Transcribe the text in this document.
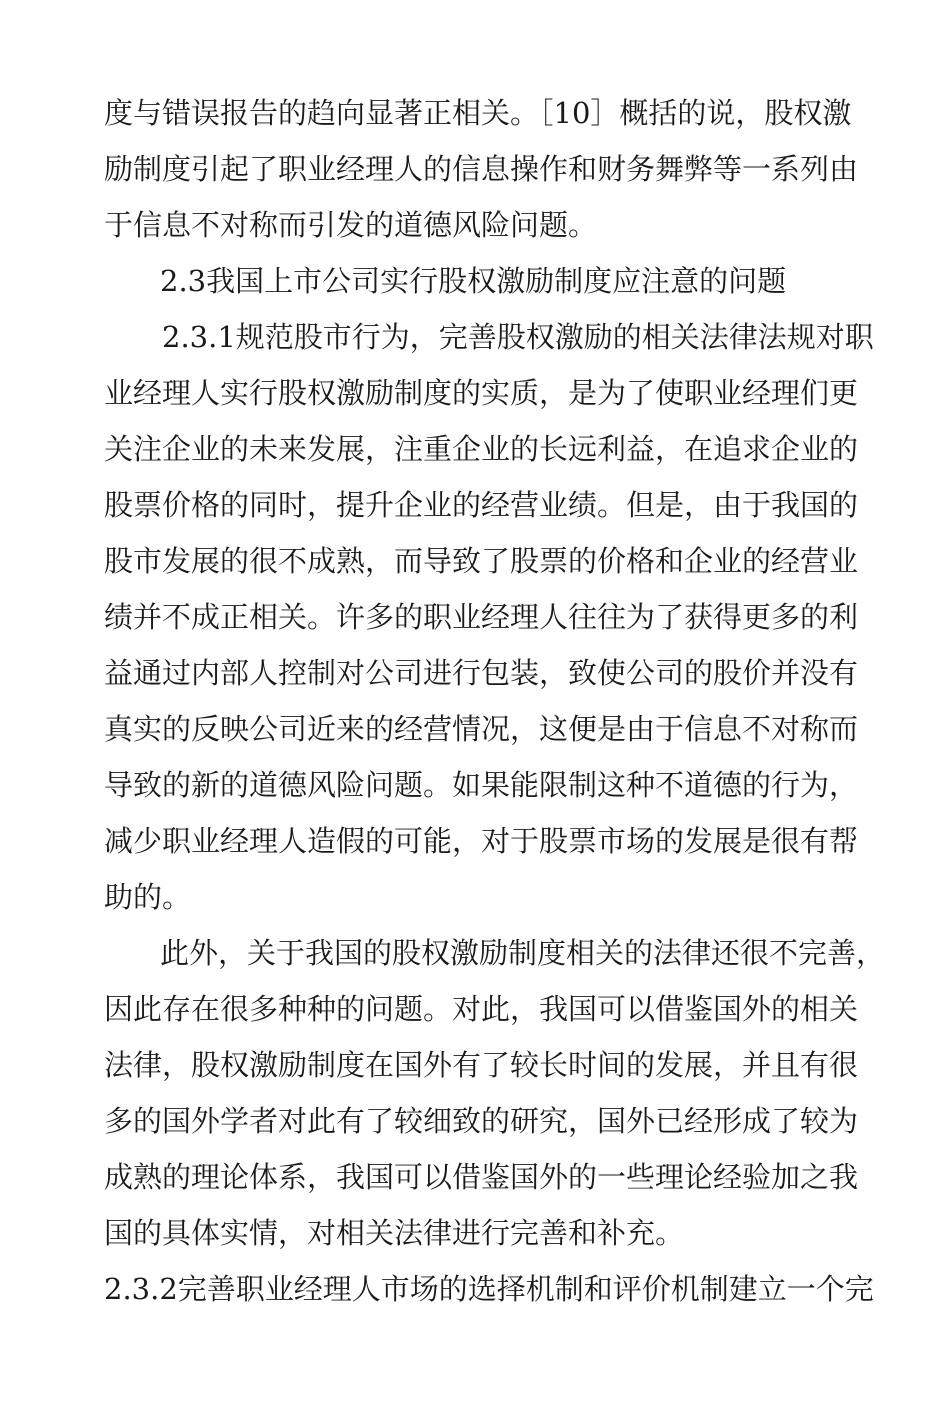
度与错误报告的趋向显著正相关。［10］概括的说，股权激

励制度引起了职业经理人的信息操作和财务舞弊等一系列由

于信息不对称而引发的道德风险问题。

2.3我国上市公司实行股权激励制度应注意的问题

2.3.1规范股市行为，完善股权激励的相关法律法规对职

业经理人实行股权激励制度的实质，是为了使职业经理们更

关注企业的未来发展，注重企业的长远利益，在追求企业的

股票价格的同时，提升企业的经营业绩。但是，由于我国的

股市发展的很不成熟，而导致了股票的价格和企业的经营业

绩并不成正相关。许多的职业经理人往往为了获得更多的利

益通过内部人控制对公司进行包装，致使公司的股价并没有

真实的反映公司近来的经营情况，这便是由于信息不对称而

导致的新的道德风险问题。如果能限制这种不道德的行为，

减少职业经理人造假的可能，对于股票市场的发展是很有帮

助的。

此外，关于我国的股权激励制度相关的法律还很不完善，

因此存在很多种种的问题。对此，我国可以借鉴国外的相关

法律，股权激励制度在国外有了较长时间的发展，并且有很

多的国外学者对此有了较细致的研究，国外已经形成了较为

成熟的理论体系，我国可以借鉴国外的一些理论经验加之我

国的具体实情，对相关法律进行完善和补充。

2.3.2完善职业经理人市场的选择机制和评价机制建立一个完
